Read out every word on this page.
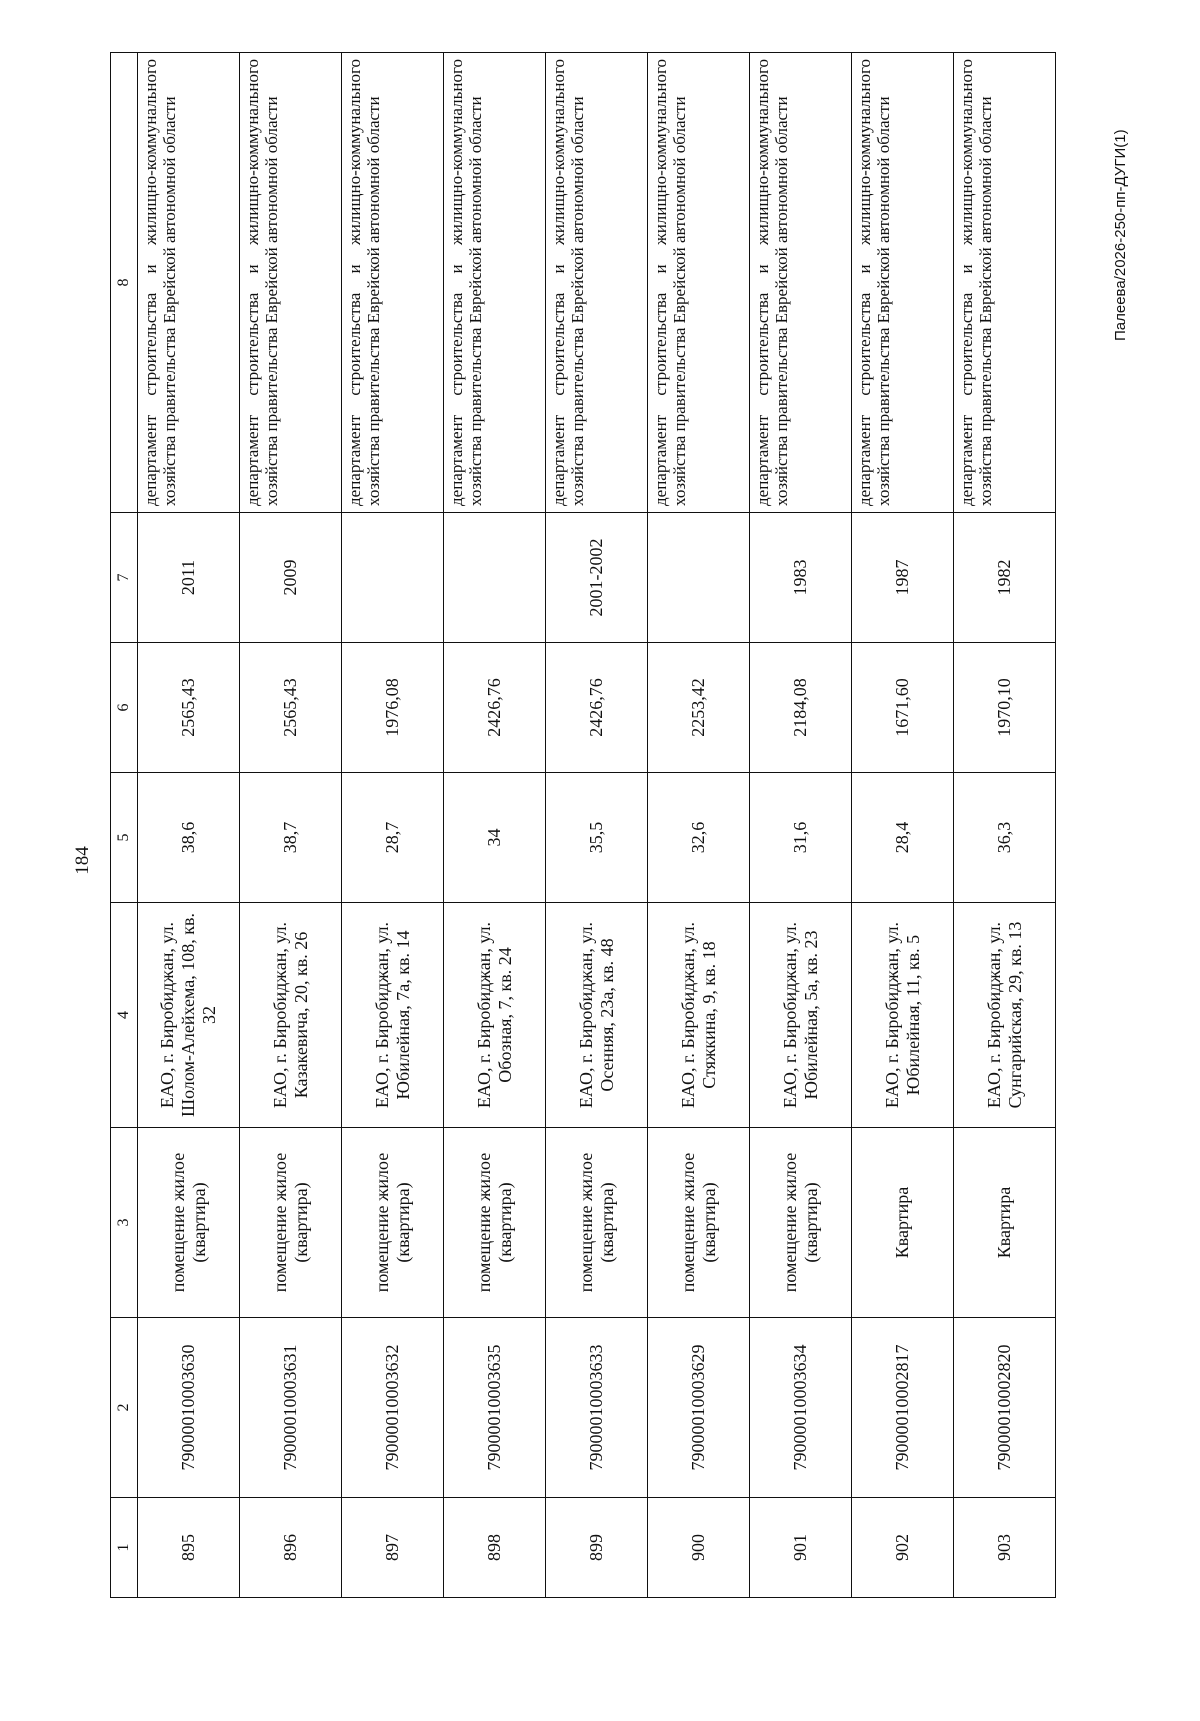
184
1	2	3	4	5	6	7	8
895	79000010003630	помещение жилое (квартира)	ЕАО, г. Биробиджан, ул. Шолом-Алейхема, 108, кв. 32	38,6	2565,43	2011	департамент строительства и жилищно-коммунального хозяйства правительства Еврейской автономной области
896	79000010003631	помещение жилое (квартира)	ЕАО, г. Биробиджан, ул. Казакевича, 20, кв. 26	38,7	2565,43	2009	департамент строительства и жилищно-коммунального хозяйства правительства Еврейской автономной области
897	79000010003632	помещение жилое (квартира)	ЕАО, г. Биробиджан, ул. Юбилейная, 7а, кв. 14	28,7	1976,08		департамент строительства и жилищно-коммунального хозяйства правительства Еврейской автономной области
898	79000010003635	помещение жилое (квартира)	ЕАО, г. Биробиджан, ул. Обозная, 7, кв. 24	34	2426,76		департамент строительства и жилищно-коммунального хозяйства правительства Еврейской автономной области
899	79000010003633	помещение жилое (квартира)	ЕАО, г. Биробиджан, ул. Осенняя, 23а, кв. 48	35,5	2426,76	2001-2002	департамент строительства и жилищно-коммунального хозяйства правительства Еврейской автономной области
900	79000010003629	помещение жилое (квартира)	ЕАО, г. Биробиджан, ул. Стяжкина, 9, кв. 18	32,6	2253,42		департамент строительства и жилищно-коммунального хозяйства правительства Еврейской автономной области
901	79000010003634	помещение жилое (квартира)	ЕАО, г. Биробиджан, ул. Юбилейная, 5а, кв. 23	31,6	2184,08	1983	департамент строительства и жилищно-коммунального хозяйства правительства Еврейской автономной области
902	79000010002817	Квартира	ЕАО, г. Биробиджан, ул. Юбилейная, 11, кв. 5	28,4	1671,60	1987	департамент строительства и жилищно-коммунального хозяйства правительства Еврейской автономной области
903	79000010002820	Квартира	ЕАО, г. Биробиджан, ул. Сунгарийская, 29, кв. 13	36,3	1970,10	1982	департамент строительства и жилищно-коммунального хозяйства правительства Еврейской автономной области	Палеева/2026-250-пп-ДУГИ(1)
